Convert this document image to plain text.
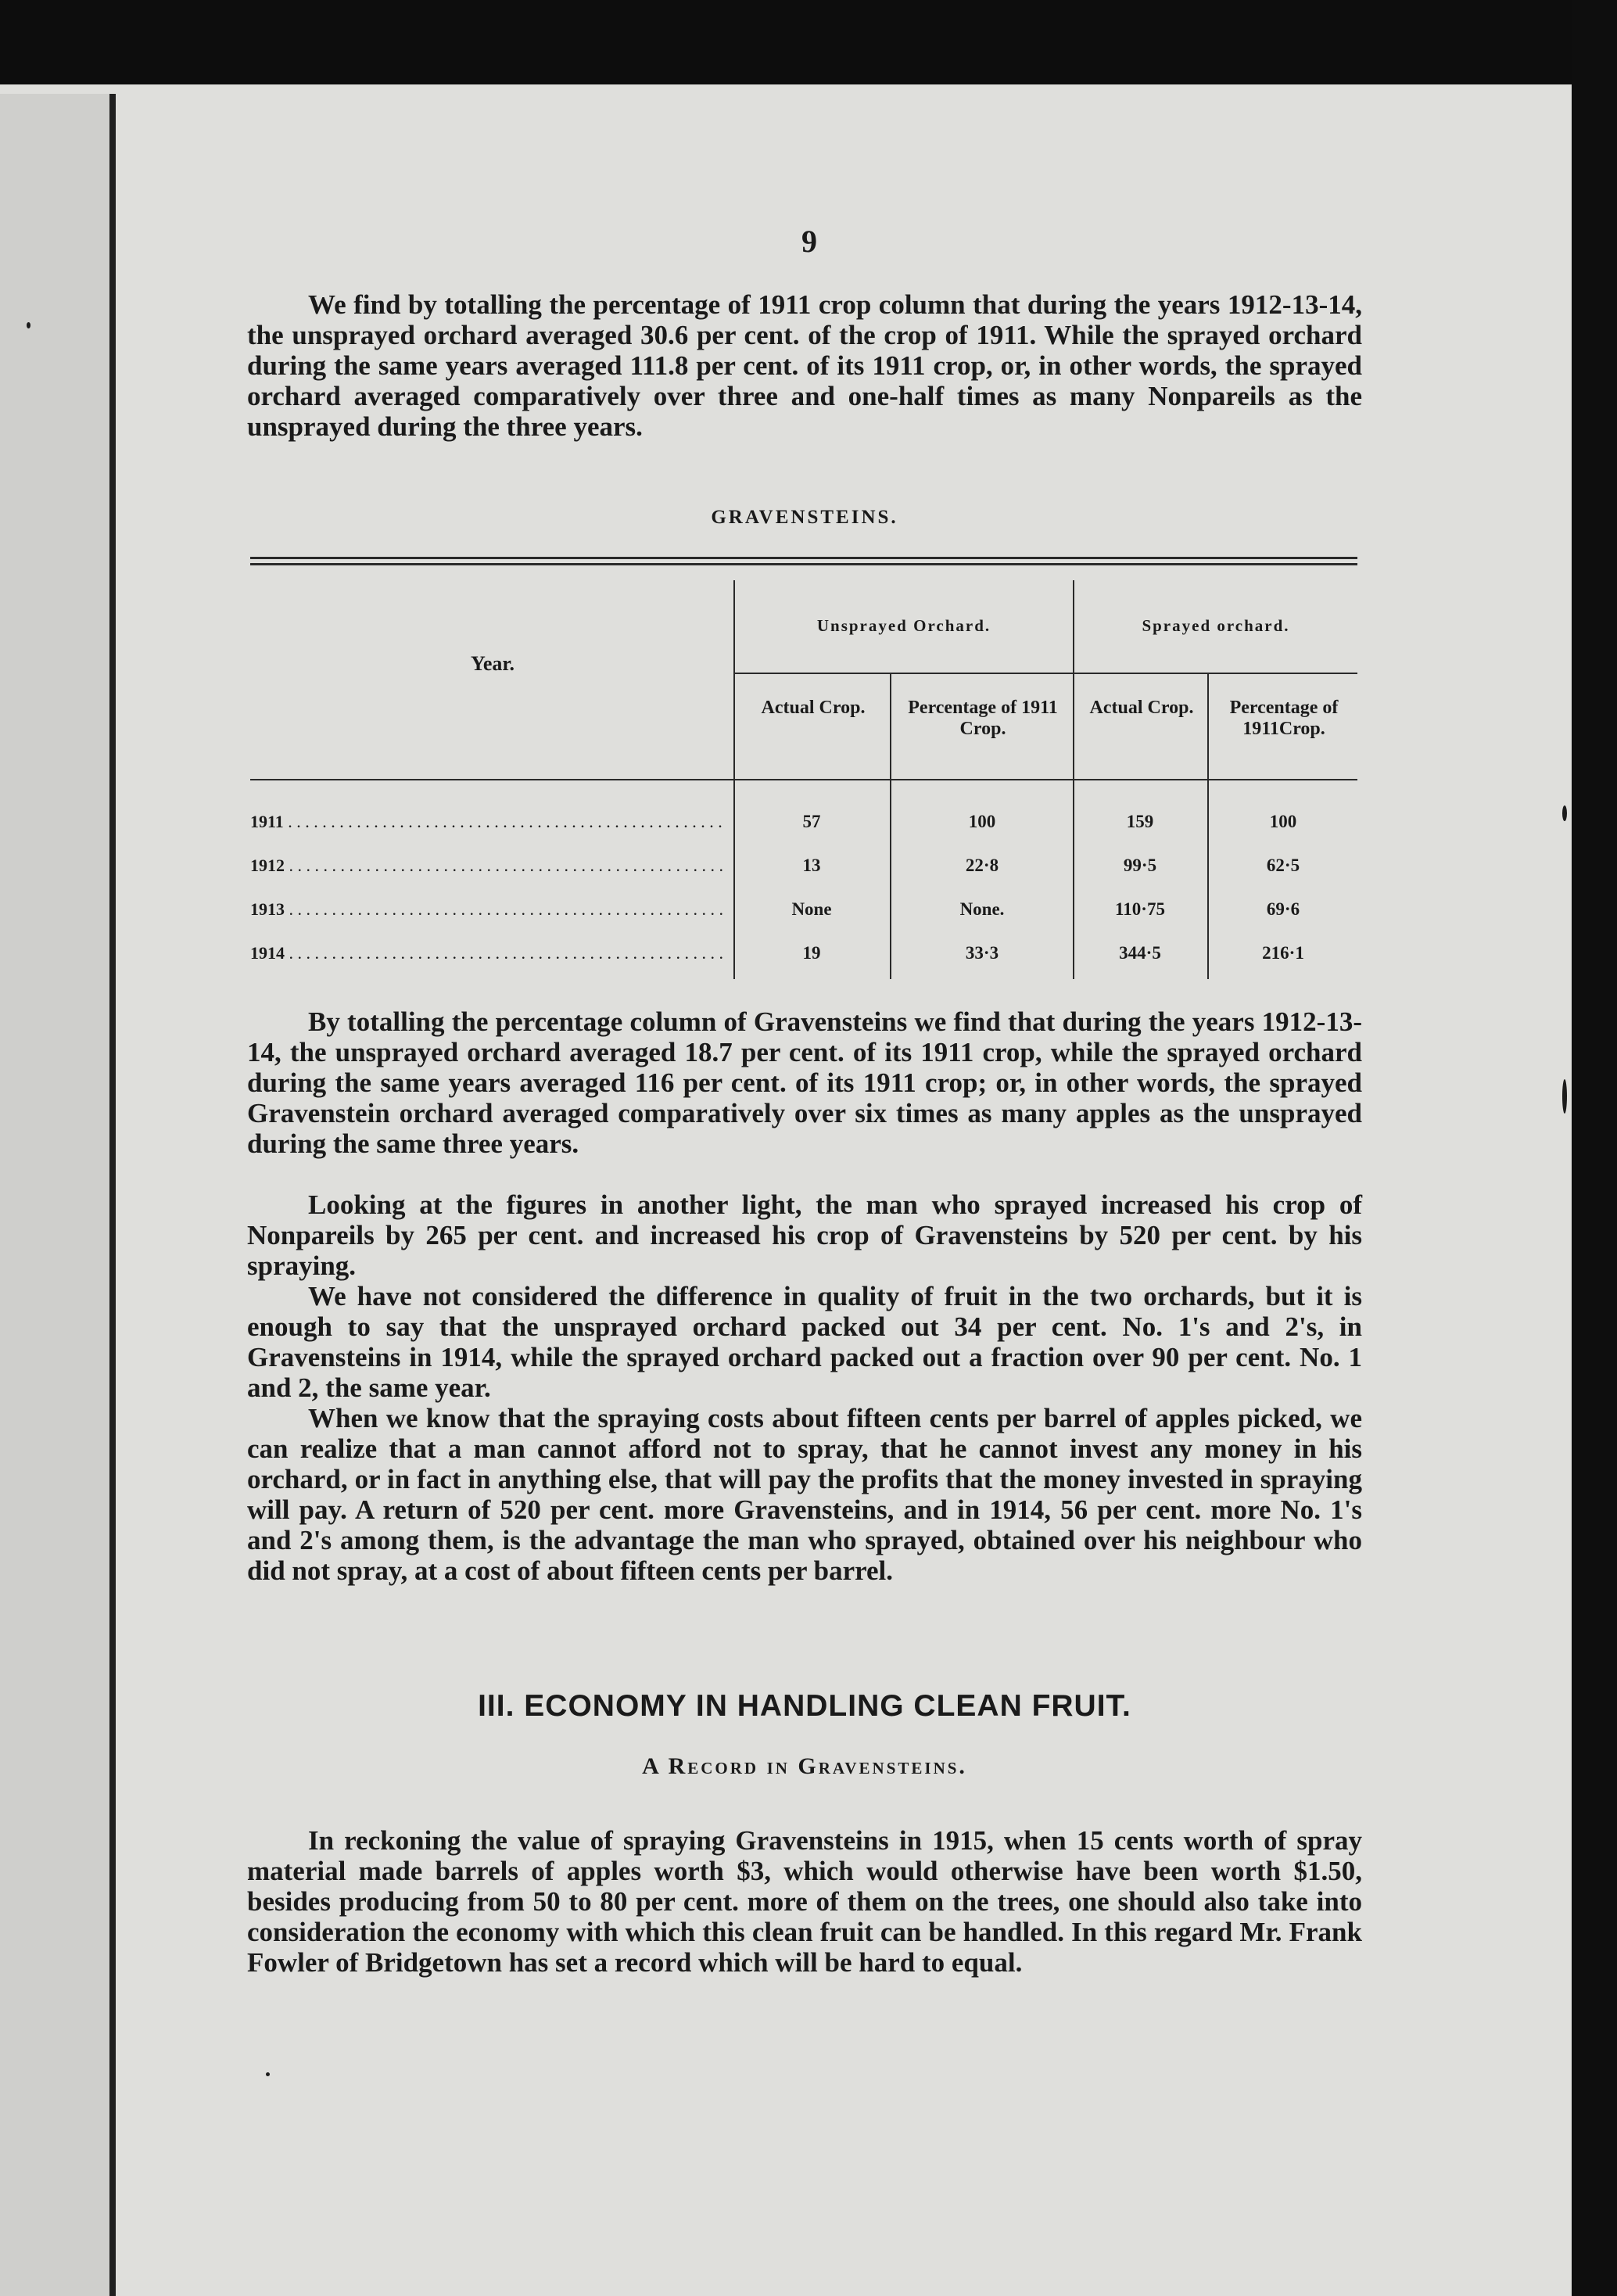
9

We find by totalling the percentage of 1911 crop column that during the years 1912-13-14, the unsprayed orchard averaged 30.6 per cent. of the crop of 1911. While the sprayed orchard during the same years averaged 111.8 per cent. of its 1911 crop, or, in other words, the sprayed orchard averaged comparatively over three and one-half times as many Nonpareils as the unsprayed during the three years.

GRAVENSTEINS.
Year.
Unsprayed Orchard.	Sprayed orchard.
Actual Crop.	Percentage of 1911 Crop.
Actual Crop.	Percentage of 1911Crop.
1911 . . .	57	100	159	100
1912 . . .	13	22·8	99·5	62·5
1913 . . .	None	None.	110·75	69·6
1914 . . .	19	33·3	344·5	216·1

By totalling the percentage column of Gravensteins we find that during the years 1912-13-14, the unsprayed orchard averaged 18.7 per cent. of its 1911 crop, while the sprayed orchard during the same years averaged 116 per cent. of its 1911 crop; or, in other words, the sprayed Gravenstein orchard averaged comparatively over six times as many apples as the unsprayed during the same three years.

Looking at the figures in another light, the man who sprayed increased his crop of Nonpareils by 265 per cent. and increased his crop of Gravensteins by 520 per cent. by his spraying.

We have not considered the difference in quality of fruit in the two orchards, but it is enough to say that the unsprayed orchard packed out 34 per cent. No. 1's and 2's, in Gravensteins in 1914, while the sprayed orchard packed out a fraction over 90 per cent. No. 1 and 2, the same year.

When we know that the spraying costs about fifteen cents per barrel of apples picked, we can realize that a man cannot afford not to spray, that he cannot invest any money in his orchard, or in fact in anything else, that will pay the profits that the money invested in spraying will pay. A return of 520 per cent. more Gravensteins, and in 1914, 56 per cent. more No. 1's and 2's among them, is the advantage the man who sprayed, obtained over his neighbour who did not spray, at a cost of about fifteen cents per barrel.

III. ECONOMY IN HANDLING CLEAN FRUIT.
A Record in Gravensteins.

In reckoning the value of spraying Gravensteins in 1915, when 15 cents worth of spray material made barrels of apples worth $3, which would otherwise have been worth $1.50, besides producing from 50 to 80 per cent. more of them on the trees, one should also take into consideration the economy with which this clean fruit can be handled. In this regard Mr. Frank Fowler of Bridgetown has set a record which will be hard to equal.
